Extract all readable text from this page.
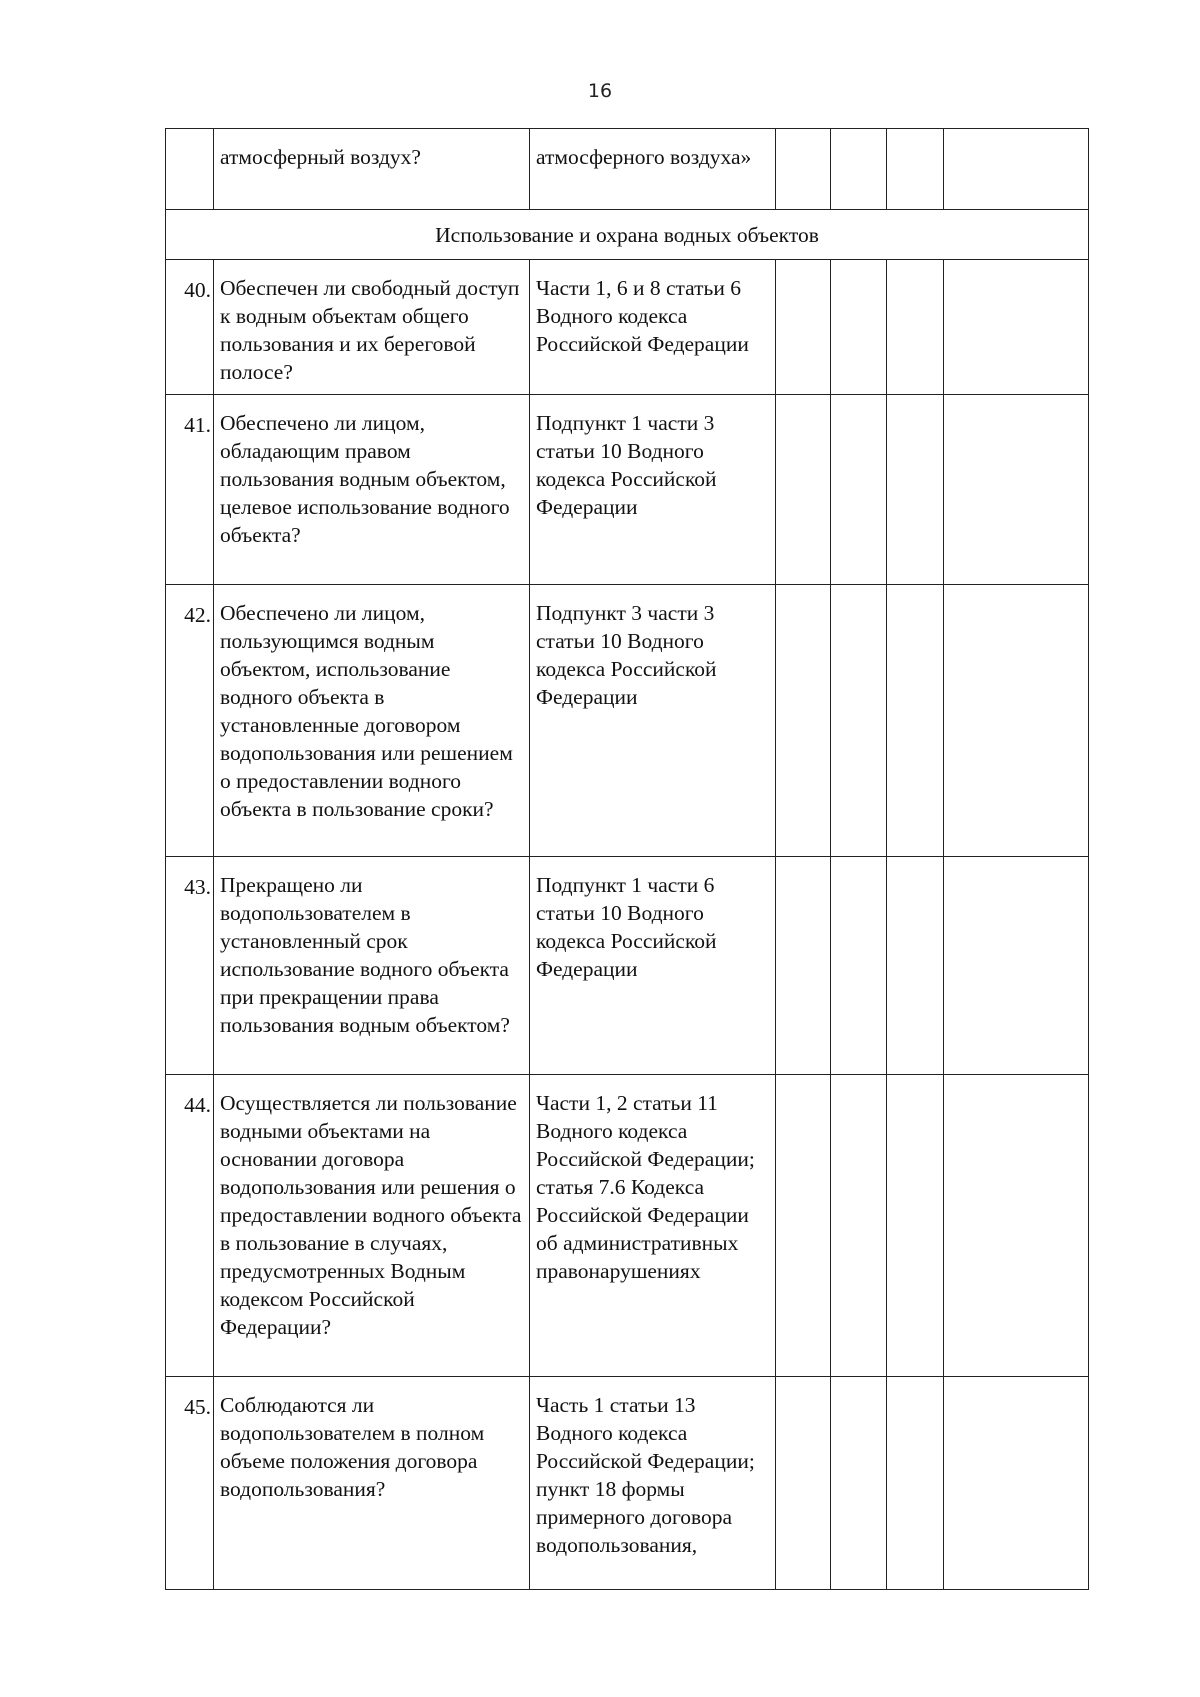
16
	атмосферный воздух?	атмосферного воздуха»				
Использование и охрана водных объектов						
40.	Обеспечен ли свободный доступ к водным объектам общего пользования и их береговой полосе?	Части 1, 6 и 8 статьи 6 Водного кодекса Российской Федерации				
41.	Обеспечено ли лицом, обладающим правом пользования водным объектом, целевое использование водного объекта?	Подпункт 1 части 3 статьи 10 Водного кодекса Российской Федерации				
42.	Обеспечено ли лицом, пользующимся водным объектом, использование водного объекта в установленные договором водопользования или решением о предоставлении водного объекта в пользование сроки?	Подпункт 3 части 3 статьи 10 Водного кодекса Российской Федерации				
43.	Прекращено ли водопользователем в установленный срок использование водного объекта при прекращении права пользования водным объектом?	Подпункт 1 части 6 статьи 10 Водного кодекса Российской Федерации				
44.	Осуществляется ли пользование водными объектами на основании договора водопользования или решения о предоставлении водного объекта в пользование в случаях, предусмотренных Водным кодексом Российской Федерации?	Части 1, 2 статьи 11 Водного кодекса Российской Федерации; статья 7.6 Кодекса Российской Федерации об административных правонарушениях				
45.	Соблюдаются ли водопользователем в полном объеме положения договора водопользования?	Часть 1 статьи 13 Водного кодекса Российской Федерации; пункт 18 формы примерного договора водопользования,				
